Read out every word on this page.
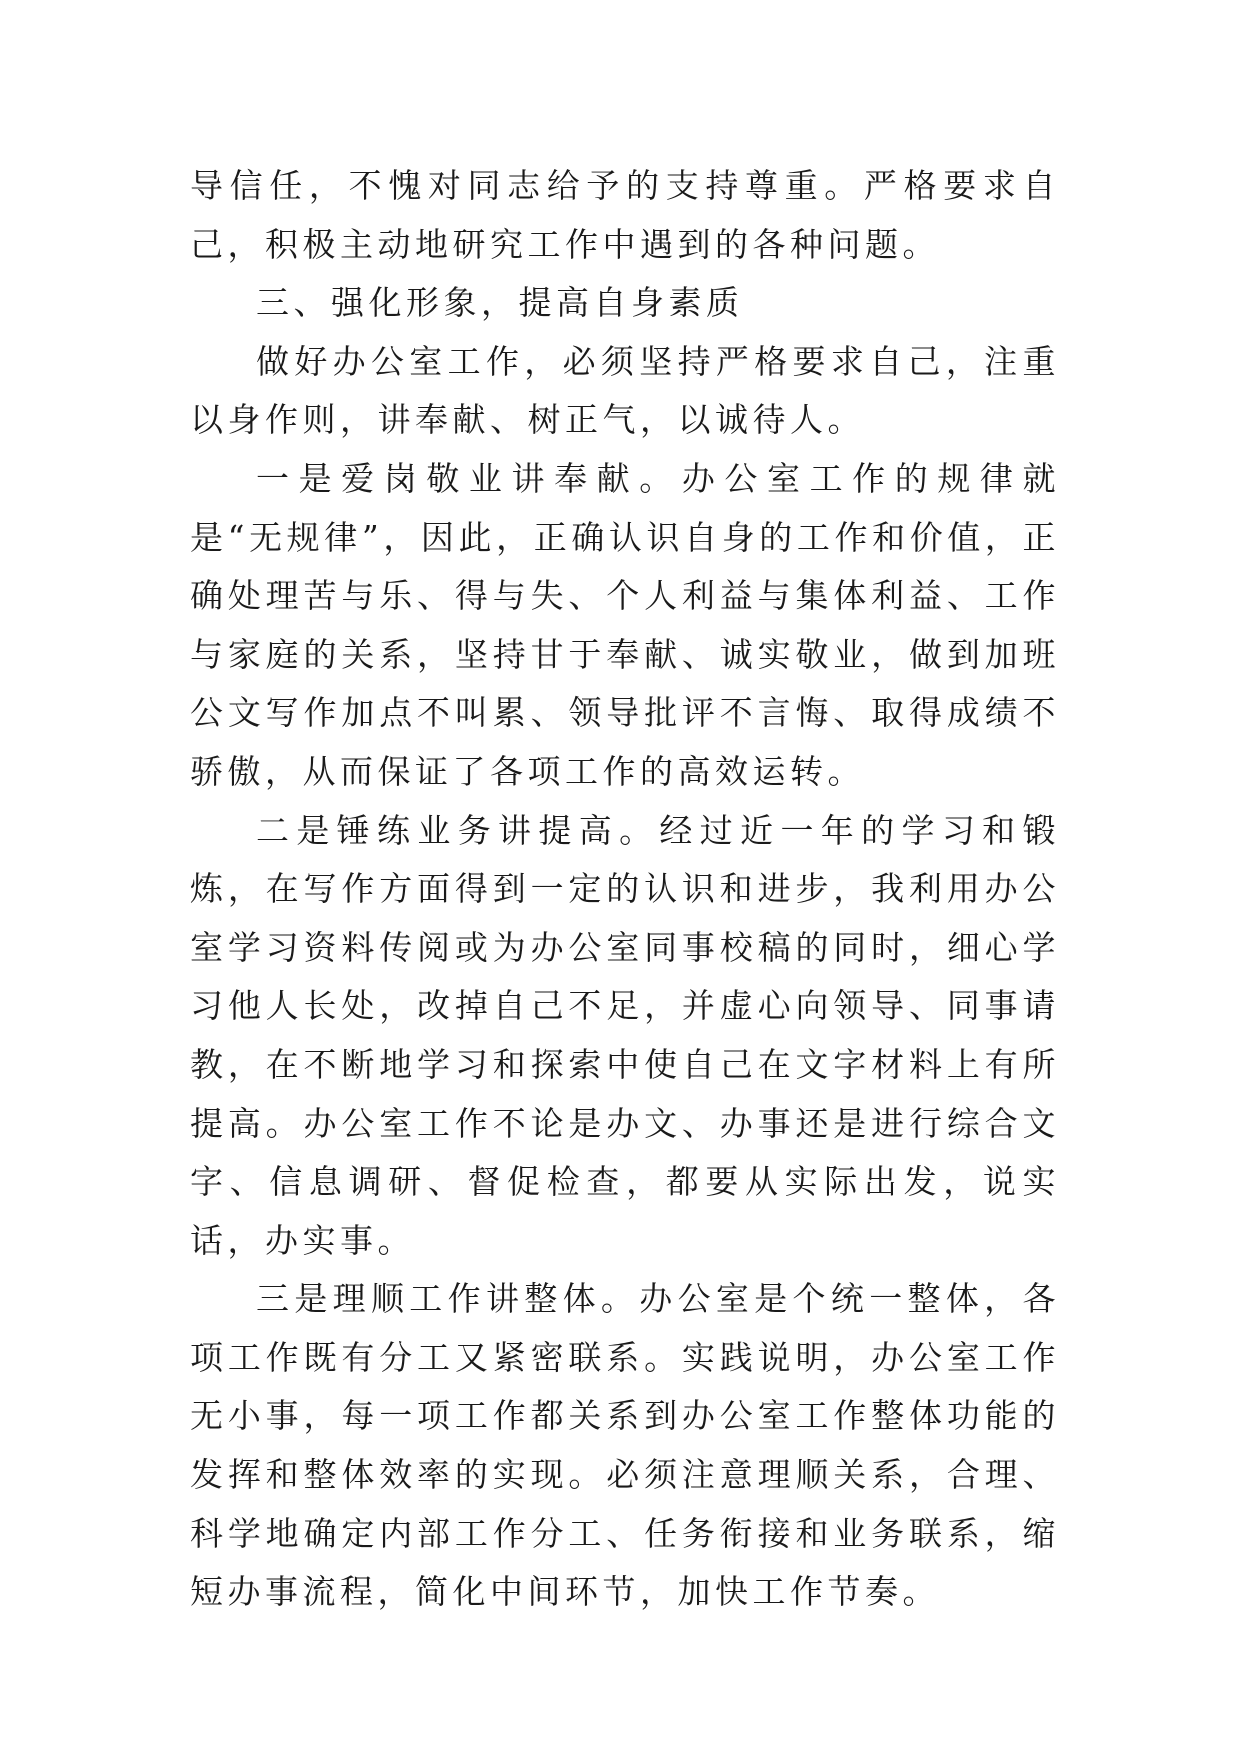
导信任，不愧对同志给予的支持尊重。严格要求自己，积极主动地研究工作中遇到的各种问题。

三、强化形象，提高自身素质

做好办公室工作，必须坚持严格要求自己，注重以身作则，讲奉献、树正气，以诚待人。

一是爱岗敬业讲奉献。办公室工作的规律就是“无规律”，因此，正确认识自身的工作和价值，正确处理苦与乐、得与失、个人利益与集体利益、工作与家庭的关系，坚持甘于奉献、诚实敬业，做到加班公文写作加点不叫累、领导批评不言悔、取得成绩不骄傲，从而保证了各项工作的高效运转。

二是锤练业务讲提高。经过近一年的学习和锻炼，在写作方面得到一定的认识和进步，我利用办公室学习资料传阅或为办公室同事校稿的同时，细心学习他人长处，改掉自己不足，并虚心向领导、同事请教，在不断地学习和探索中使自己在文字材料上有所提高。办公室工作不论是办文、办事还是进行综合文字、信息调研、督促检查，都要从实际出发，说实话，办实事。

三是理顺工作讲整体。办公室是个统一整体，各项工作既有分工又紧密联系。实践说明，办公室工作无小事，每一项工作都关系到办公室工作整体功能的发挥和整体效率的实现。必须注意理顺关系，合理、科学地确定内部工作分工、任务衔接和业务联系，缩短办事流程，简化中间环节，加快工作节奏。
